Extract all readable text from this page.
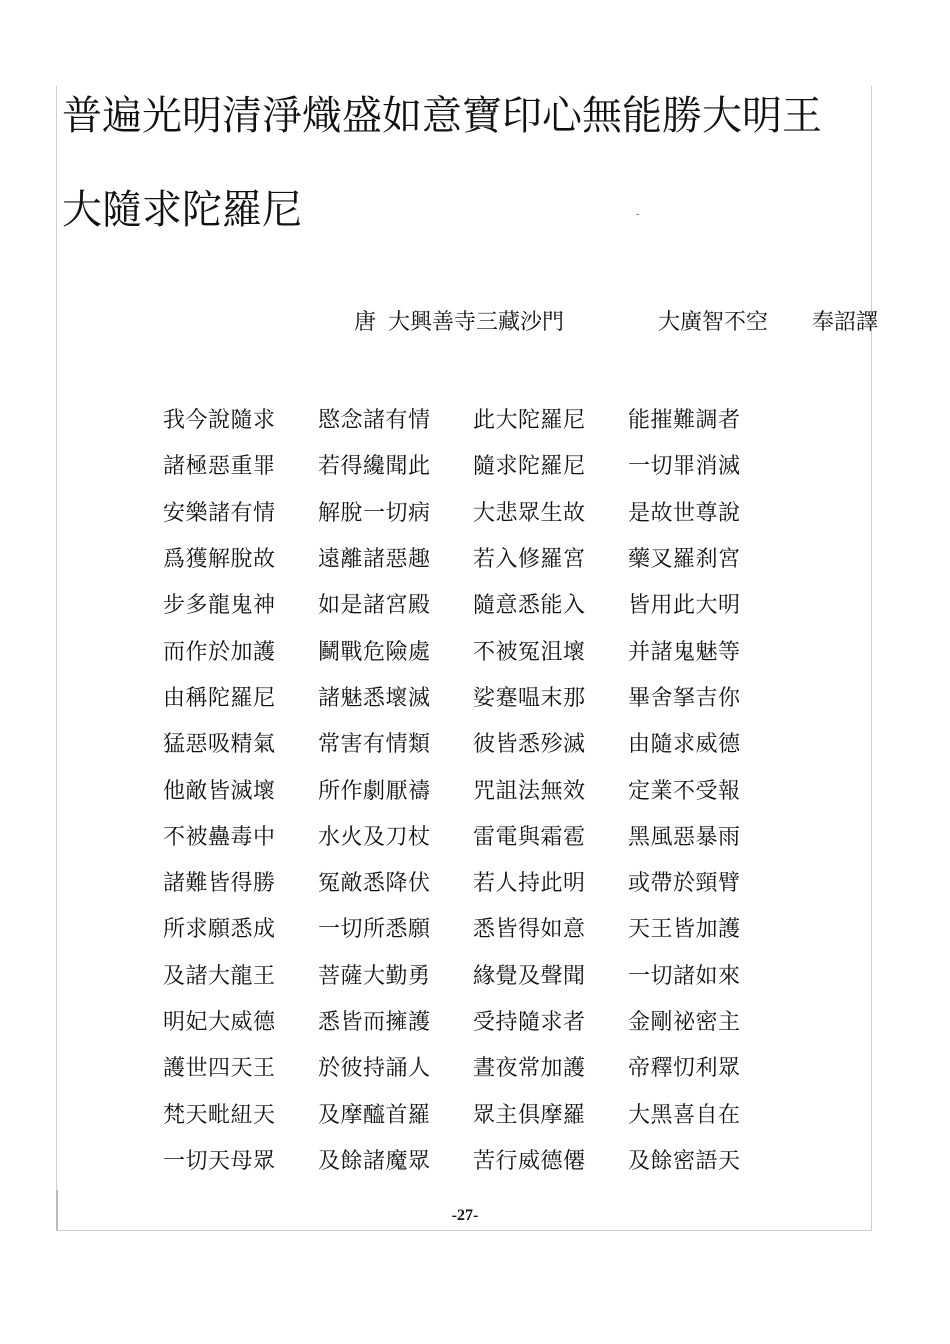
普遍光明清淨熾盛如意寶印心無能勝大明王
大隨求陀羅尼
唐 大興善寺三藏沙門	大廣智不空 奉詔譯
我今說隨求	愍念諸有情	此大陀羅尼	能摧難調者
諸極惡重罪	若得纔聞此	隨求陀羅尼	一切罪消滅
安樂諸有情	解脫一切病	大悲眾生故	是故世尊說
爲獲解脫故	遠離諸惡趣	若入修羅宮	藥叉羅刹宮
步多龍鬼神	如是諸宮殿	隨意悉能入	皆用此大明
而作於加護	鬭戰危險處	不被冤沮壞	并諸鬼魅等
由稱陀羅尼	諸魅悉壞滅	娑蹇嗢末那	畢舍拏吉你
猛惡吸精氣	常害有情類	彼皆悉殄滅	由隨求威德
他敵皆滅壞	所作劇厭禱	咒詛法無效	定業不受報
不被蠱毒中	水火及刀杖	雷電與霜雹	黑風惡暴雨
諸難皆得勝	冤敵悉降伏	若人持此明	或帶於頸臂
所求願悉成	一切所悉願	悉皆得如意	天王皆加護
及諸大龍王	菩薩大勤勇	緣覺及聲聞	一切諸如來
明妃大威德	悉皆而擁護	受持隨求者	金剛祕密主
護世四天王	於彼持誦人	晝夜常加護	帝釋忉利眾
梵天毗紐天	及摩醯首羅	眾主俱摩羅	大黑喜自在
一切天母眾	及餘諸魔眾	苦行威德僊	及餘密語天
-27-
